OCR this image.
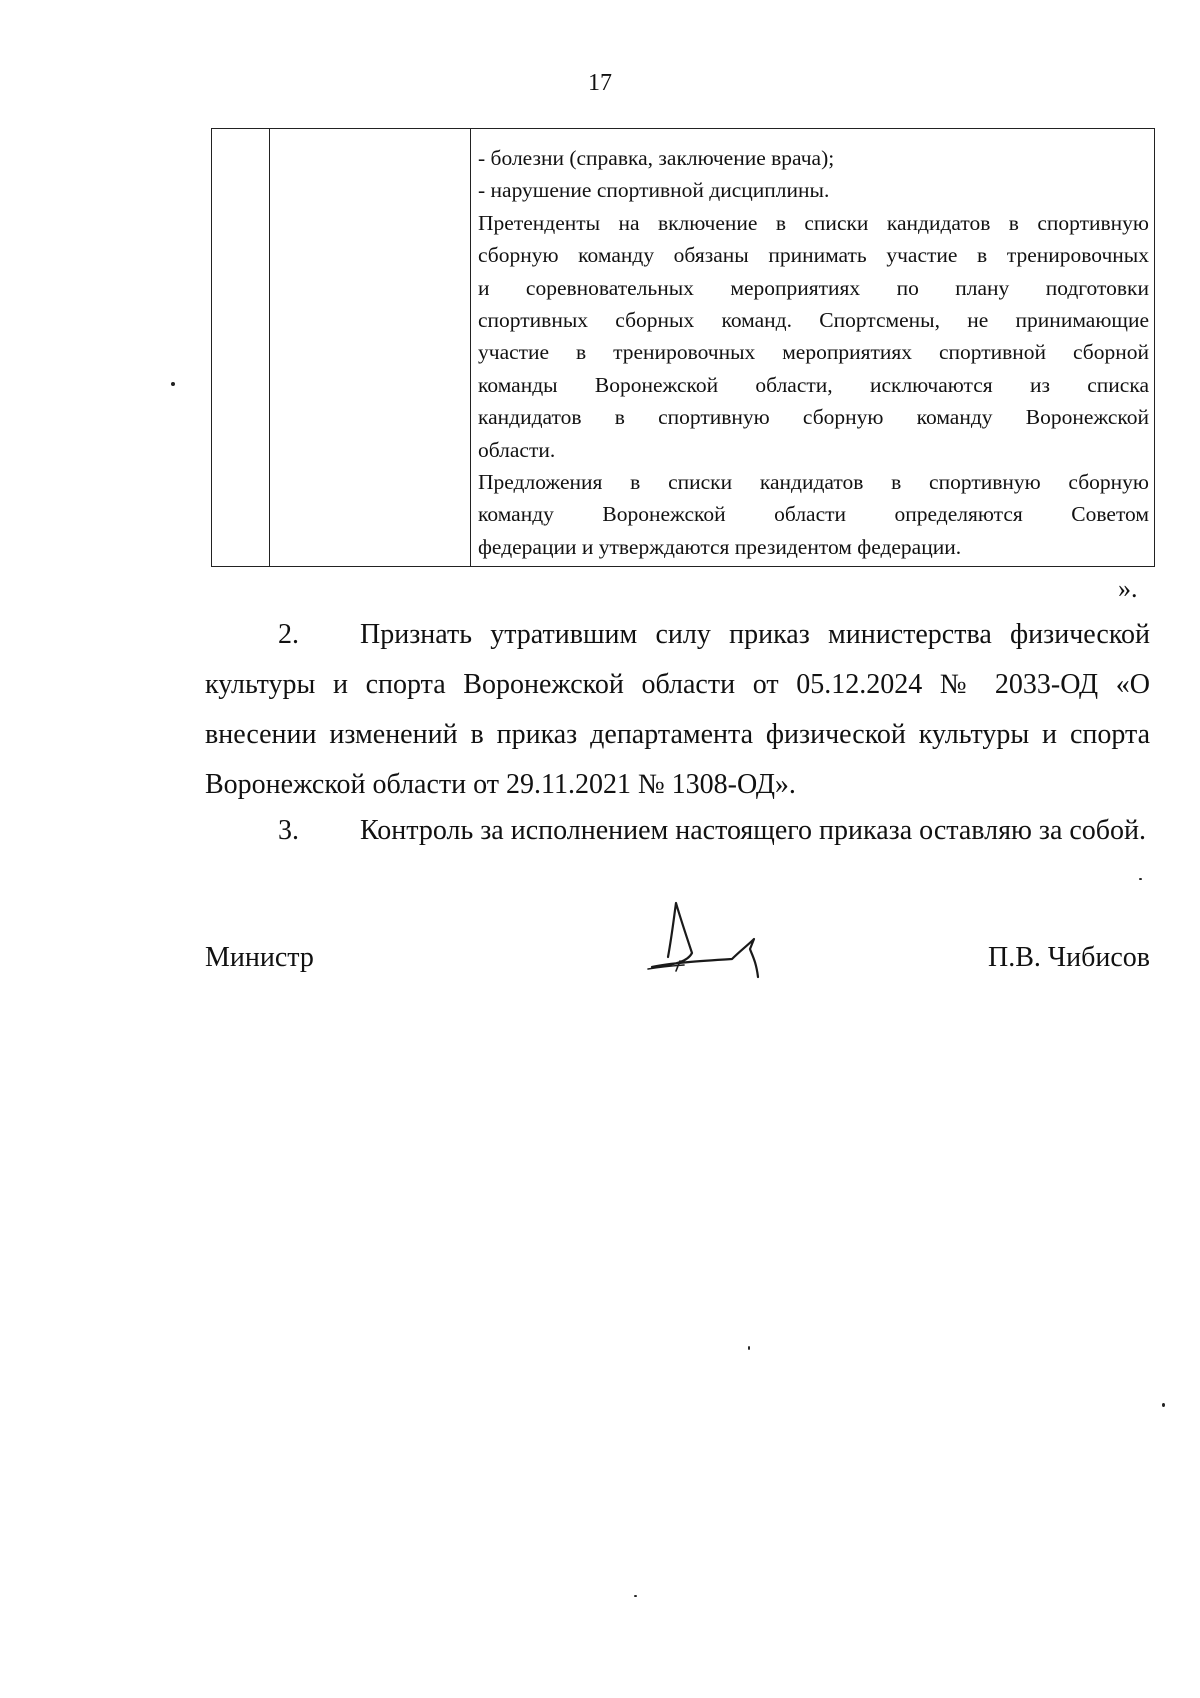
17
- болезни (справка, заключение врача);
- нарушение спортивной дисциплины.
Претенденты на включение в списки кандидатов в спортивную
сборную команду обязаны принимать участие в тренировочных
и соревновательных мероприятиях по плану подготовки
спортивных сборных команд. Спортсмены, не принимающие
участие в тренировочных мероприятиях спортивной сборной
команды Воронежской области, исключаются из списка
кандидатов в спортивную сборную команду Воронежской
области.
Предложения в списки кандидатов в спортивную сборную
команду Воронежской области определяются Советом
федерации и утверждаются президентом федерации.
».
2. Признать утратившим силу приказ министерства физической
культуры и спорта Воронежской области от 05.12.2024 № 2033-ОД «О
внесении изменений в приказ департамента физической культуры и спорта
Воронежской области от 29.11.2021 № 1308-ОД».
3. Контроль за исполнением настоящего приказа оставляю за собой.
Министр	П.В. Чибисов
